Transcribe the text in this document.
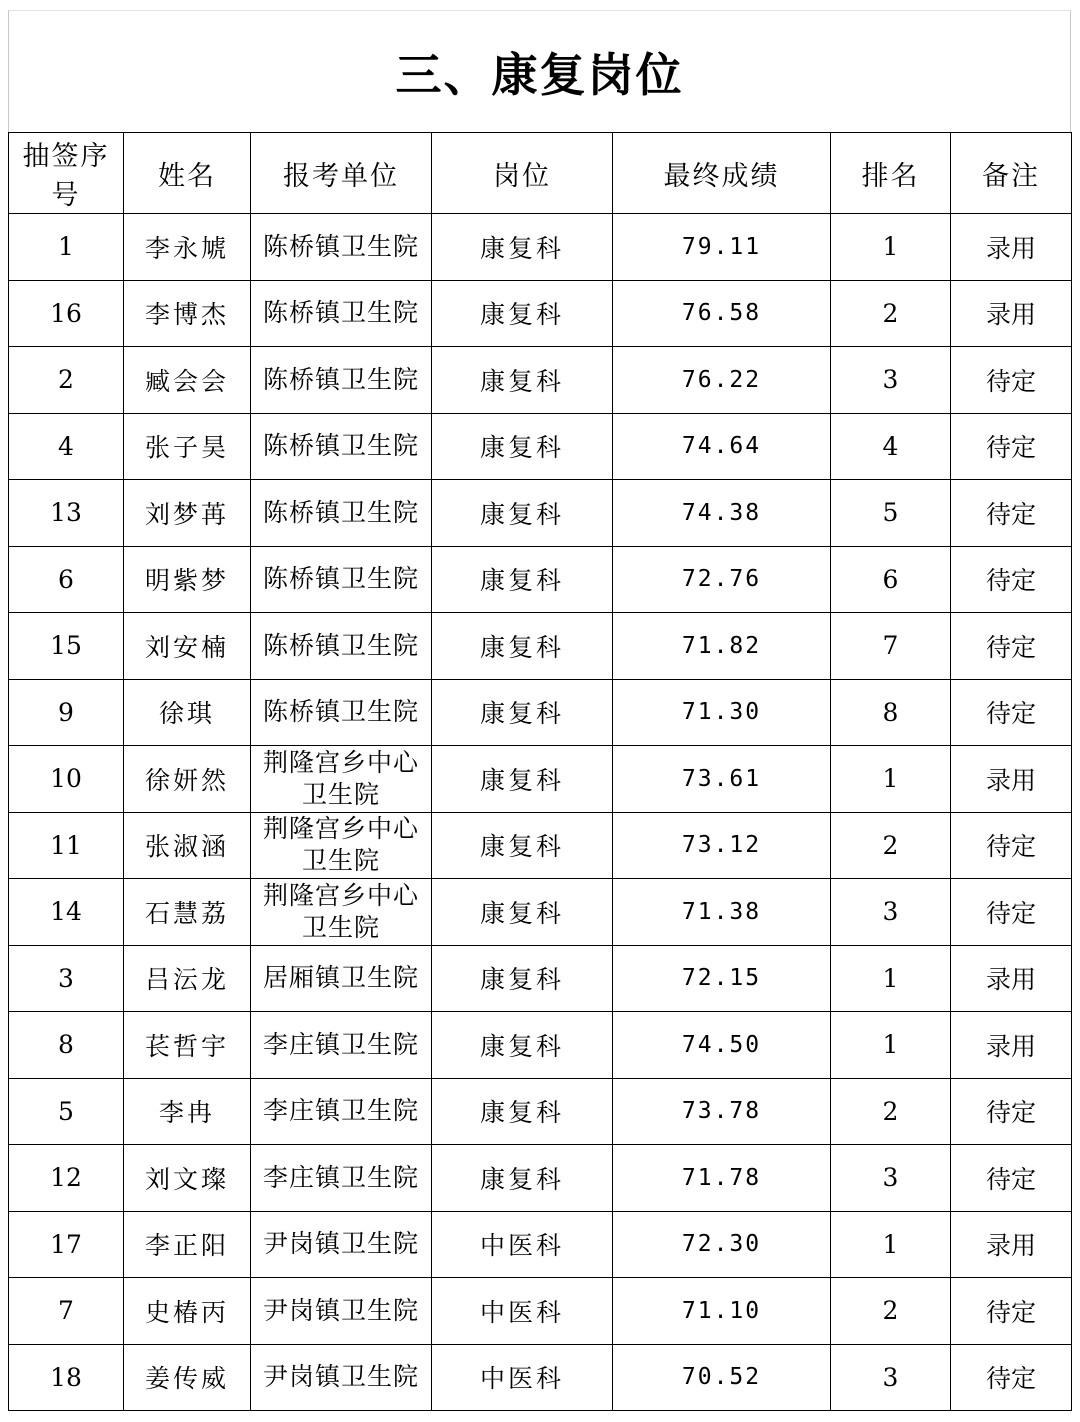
三、康复岗位
抽签序号	姓名	报考单位	岗位	最终成绩	排名	备注
1	李永虓	陈桥镇卫生院	康复科	79.11	1	录用
16	李博杰	陈桥镇卫生院	康复科	76.58	2	录用
2	臧会会	陈桥镇卫生院	康复科	76.22	3	待定
4	张子昊	陈桥镇卫生院	康复科	74.64	4	待定
13	刘梦苒	陈桥镇卫生院	康复科	74.38	5	待定
6	明紫梦	陈桥镇卫生院	康复科	72.76	6	待定
15	刘安楠	陈桥镇卫生院	康复科	71.82	7	待定
9	徐琪	陈桥镇卫生院	康复科	71.30	8	待定
10	徐妍然	荆隆宫乡中心卫生院	康复科	73.61	1	录用
11	张淑涵	荆隆宫乡中心卫生院	康复科	73.12	2	待定
14	石慧荔	荆隆宫乡中心卫生院	康复科	71.38	3	待定
3	吕沄龙	居厢镇卫生院	康复科	72.15	1	录用
8	苌哲宇	李庄镇卫生院	康复科	74.50	1	录用
5	李冉	李庄镇卫生院	康复科	73.78	2	待定
12	刘文璨	李庄镇卫生院	康复科	71.78	3	待定
17	李正阳	尹岗镇卫生院	中医科	72.30	1	录用
7	史椿丙	尹岗镇卫生院	中医科	71.10	2	待定
18	姜传威	尹岗镇卫生院	中医科	70.52	3	待定
